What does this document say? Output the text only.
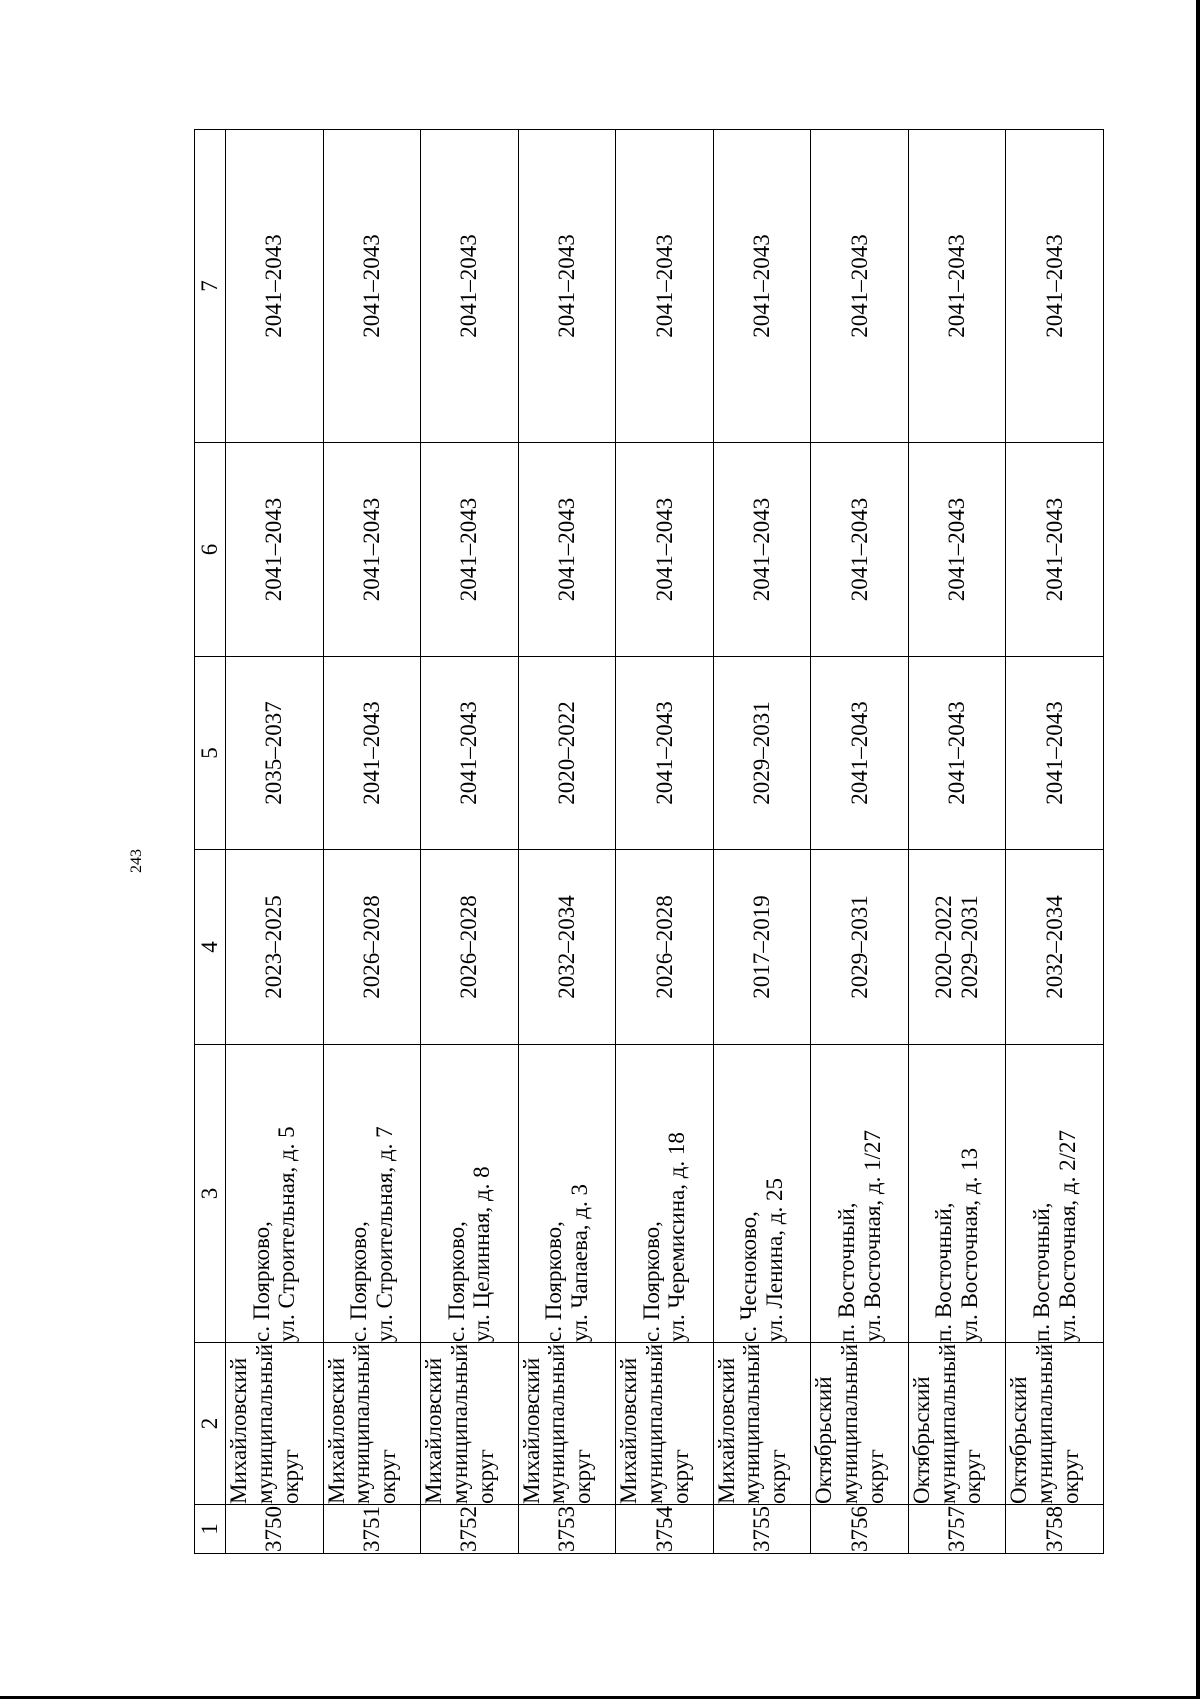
243
1	2	3	4	5	6	7
3750	Михайловский
муниципальный
округ	с. Поярково,
ул. Строительная, д. 5	2023–2025	2035–2037	2041–2043	2041–2043
3751	Михайловский
муниципальный
округ	с. Поярково,
ул. Строительная, д. 7	2026–2028	2041–2043	2041–2043	2041–2043
3752	Михайловский
муниципальный
округ	с. Поярково,
ул. Целинная, д. 8	2026–2028	2041–2043	2041–2043	2041–2043
3753	Михайловский
муниципальный
округ	с. Поярково,
ул. Чапаева, д. 3	2032–2034	2020–2022	2041–2043	2041–2043
3754	Михайловский
муниципальный
округ	с. Поярково,
ул. Черемисина, д. 18	2026–2028	2041–2043	2041–2043	2041–2043
3755	Михайловский
муниципальный
округ	с. Чесноково,
ул. Ленина, д. 25	2017–2019	2029–2031	2041–2043	2041–2043
3756	Октябрьский
муниципальный
округ	п. Восточный,
ул. Восточная, д. 1/27	2029–2031	2041–2043	2041–2043	2041–2043
3757	Октябрьский
муниципальный
округ	п. Восточный,
ул. Восточная, д. 13	2020–2022
2029–2031	2041–2043	2041–2043	2041–2043
3758	Октябрьский
муниципальный
округ	п. Восточный,
ул. Восточная, д. 2/27	2032–2034	2041–2043	2041–2043	2041–2043
